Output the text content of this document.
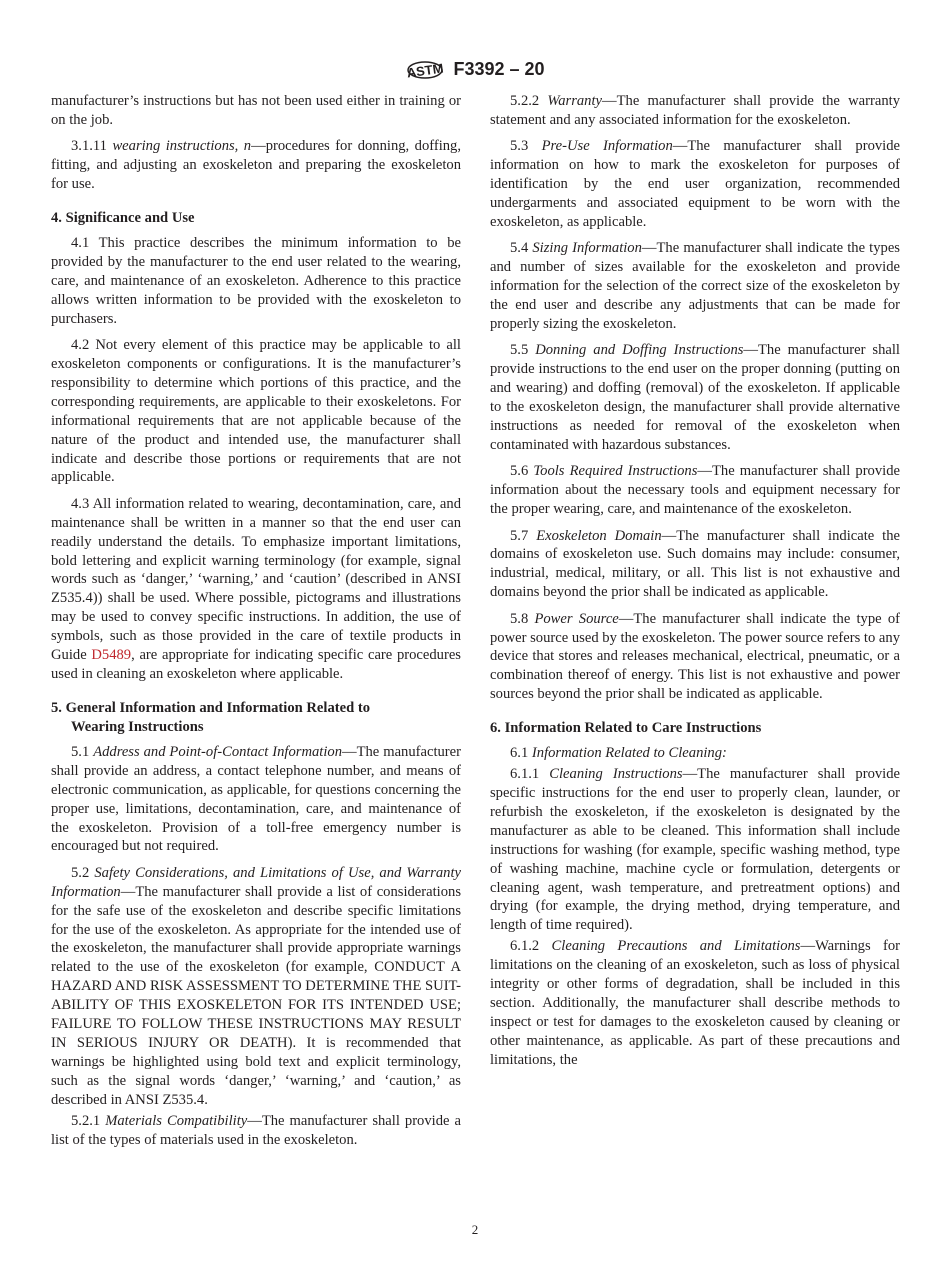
ASTM F3392 – 20

manufacturer’s instructions but has not been used either in training or on the job.

3.1.11 wearing instructions, n—procedures for donning, doffing, fitting, and adjusting an exoskeleton and preparing the exoskeleton for use.

4. Significance and Use

4.1 This practice describes the minimum information to be provided by the manufacturer to the end user related to the wearing, care, and maintenance of an exoskeleton. Adherence to this practice allows written information to be provided with the exoskeleton to purchasers.

4.2 Not every element of this practice may be applicable to all exoskeleton components or configurations. It is the manufacturer’s responsibility to determine which portions of this practice, and the corresponding requirements, are applicable to their exoskeletons. For informational requirements that are not applicable because of the nature of the product and intended use, the manufacturer shall indicate and describe those portions or requirements that are not applicable.

4.3 All information related to wearing, decontamination, care, and maintenance shall be written in a manner so that the end user can readily understand the details. To emphasize important limitations, bold lettering and explicit warning terminology (for example, signal words such as ‘danger,’ ‘warning,’ and ‘caution’ (described in ANSI Z535.4)) shall be used. Where possible, pictograms and illustrations may be used to convey specific instructions. In addition, the use of symbols, such as those provided in the care of textile products in Guide D5489, are appropriate for indicating specific care procedures used in cleaning an exoskeleton where applicable.

5. General Information and Information Related to
Wearing Instructions

5.1 Address and Point-of-Contact Information—The manufacturer shall provide an address, a contact telephone number, and means of electronic communication, as applicable, for questions concerning the proper use, limitations, decontamination, care, and maintenance of the exoskeleton. Provision of a toll-free emergency number is encouraged but not required.

5.2 Safety Considerations, and Limitations of Use, and Warranty Information—The manufacturer shall provide a list of considerations for the safe use of the exoskeleton and describe specific limitations for the use of the exoskeleton. As appropriate for the intended use of the exoskeleton, the manufacturer shall provide appropriate warnings related to the use of the exoskeleton (for example, CONDUCT A HAZARD AND RISK ASSESSMENT TO DETERMINE THE SUIT-ABILITY OF THIS EXOSKELETON FOR ITS INTENDED USE; FAILURE TO FOLLOW THESE INSTRUCTIONS MAY RESULT IN SERIOUS INJURY OR DEATH). It is recommended that warnings be highlighted using bold text and explicit terminology, such as the signal words ‘danger,’ ‘warning,’ and ‘caution,’ as described in ANSI Z535.4.

5.2.1 Materials Compatibility—The manufacturer shall provide a list of the types of materials used in the exoskeleton.

5.2.2 Warranty—The manufacturer shall provide the warranty statement and any associated information for the exoskeleton.

5.3 Pre-Use Information—The manufacturer shall provide information on how to mark the exoskeleton for purposes of identification by the end user organization, recommended undergarments and associated equipment to be worn with the exoskeleton, as applicable.

5.4 Sizing Information—The manufacturer shall indicate the types and number of sizes available for the exoskeleton and provide information for the selection of the correct size of the exoskeleton by the end user and describe any adjustments that can be made for properly sizing the exoskeleton.

5.5 Donning and Doffing Instructions—The manufacturer shall provide instructions to the end user on the proper donning (putting on and wearing) and doffing (removal) of the exoskeleton. If applicable to the exoskeleton design, the manufacturer shall provide alternative instructions as needed for removal of the exoskeleton when contaminated with hazardous substances.

5.6 Tools Required Instructions—The manufacturer shall provide information about the necessary tools and equipment necessary for the proper wearing, care, and maintenance of the exoskeleton.

5.7 Exoskeleton Domain—The manufacturer shall indicate the domains of exoskeleton use. Such domains may include: consumer, industrial, medical, military, or all. This list is not exhaustive and domains beyond the prior shall be indicated as applicable.

5.8 Power Source—The manufacturer shall indicate the type of power source used by the exoskeleton. The power source refers to any device that stores and releases mechanical, electrical, pneumatic, or a combination thereof of energy. This list is not exhaustive and power sources beyond the prior shall be indicated as applicable.

6. Information Related to Care Instructions

6.1 Information Related to Cleaning:

6.1.1 Cleaning Instructions—The manufacturer shall provide specific instructions for the end user to properly clean, launder, or refurbish the exoskeleton, if the exoskeleton is designated by the manufacturer as able to be cleaned. This information shall include instructions for washing (for example, specific washing method, type of washing machine, machine cycle or formulation, detergents or cleaning agent, wash temperature, and pretreatment options) and drying (for example, the drying method, drying temperature, and length of time required).

6.1.2 Cleaning Precautions and Limitations—Warnings for limitations on the cleaning of an exoskeleton, such as loss of physical integrity or other forms of degradation, shall be included in this section. Additionally, the manufacturer shall describe methods to inspect or test for damages to the exoskeleton caused by cleaning or other maintenance, as applicable. As part of these precautions and limitations, the

2
